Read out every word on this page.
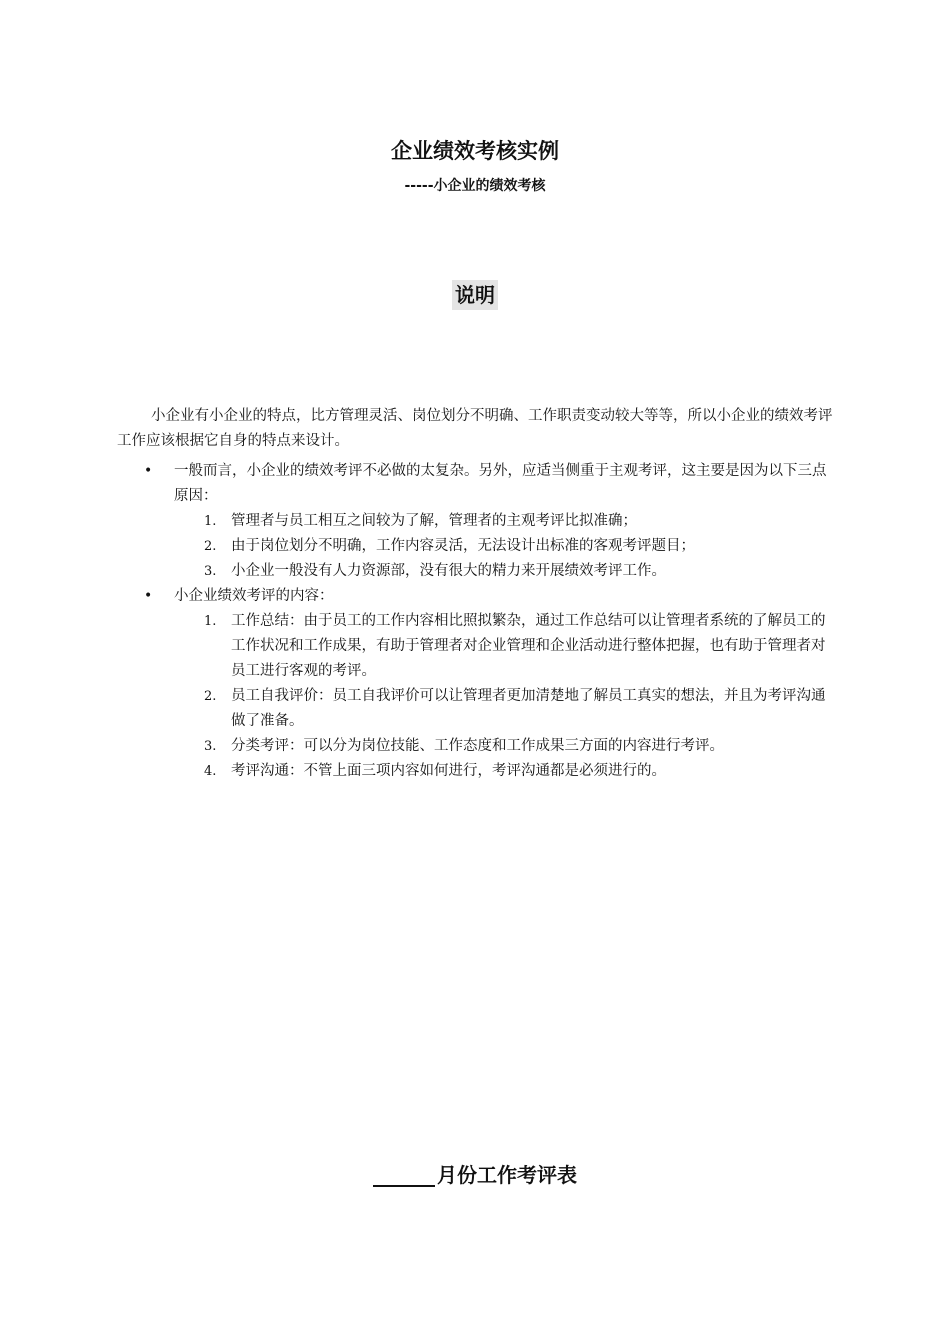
企业绩效考核实例
-----小企业的绩效考核
说明

小企业有小企业的特点，比方管理灵活、岗位划分不明确、工作职责变动较大等等，所以小企业的绩效考评工作应该根据它自身的特点来设计。

• 一般而言，小企业的绩效考评不必做的太复杂。另外，应适当侧重于主观考评，这主要是因为以下三点原因：
1. 管理者与员工相互之间较为了解，管理者的主观考评比拟准确；
2. 由于岗位划分不明确，工作内容灵活，无法设计出标准的客观考评题目；
3. 小企业一般没有人力资源部，没有很大的精力来开展绩效考评工作。
• 小企业绩效考评的内容：
1. 工作总结：由于员工的工作内容相比照拟繁杂，通过工作总结可以让管理者系统的了解员工的工作状况和工作成果，有助于管理者对企业管理和企业活动进行整体把握，也有助于管理者对员工进行客观的考评。
2. 员工自我评价：员工自我评价可以让管理者更加清楚地了解员工真实的想法，并且为考评沟通做了准备。
3. 分类考评：可以分为岗位技能、工作态度和工作成果三方面的内容进行考评。
4. 考评沟通：不管上面三项内容如何进行，考评沟通都是必须进行的。
月份工作考评表
